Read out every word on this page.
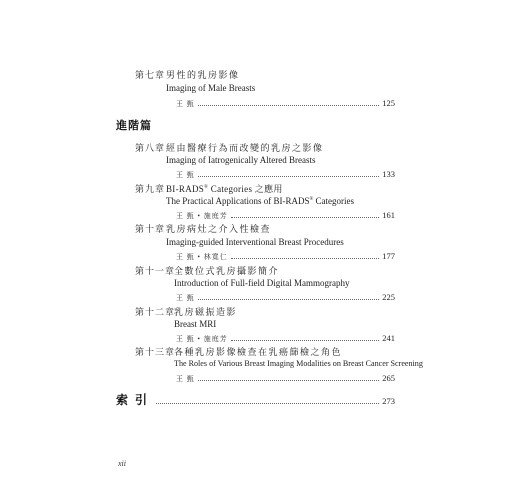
第七章 男性的乳房影像
Imaging of Male Breasts
王 甄	125
進階篇
第八章 經由醫療行為而改變的乳房之影像
Imaging of Iatrogenically Altered Breasts
王 甄	133
第九章 BI-RADS® Categories 之應用
The Practical Applications of BI-RADS® Categories
王 甄 • 施庭芳	161
第十章 乳房病灶之介入性檢查
Imaging-guided Interventional Breast Procedures
王 甄 • 林寬仁	177
第十一章
全數位式乳房攝影簡介
Introduction of Full-field Digital Mammography
王 甄	225
第十二章
乳房磁振造影
Breast MRI
王 甄 • 施庭芳	241
第十三章
各種乳房影像檢查在乳癌篩檢之角色
The Roles of Various Breast Imaging Modalities on Breast Cancer Screening
王 甄	265
索引	273
xii
